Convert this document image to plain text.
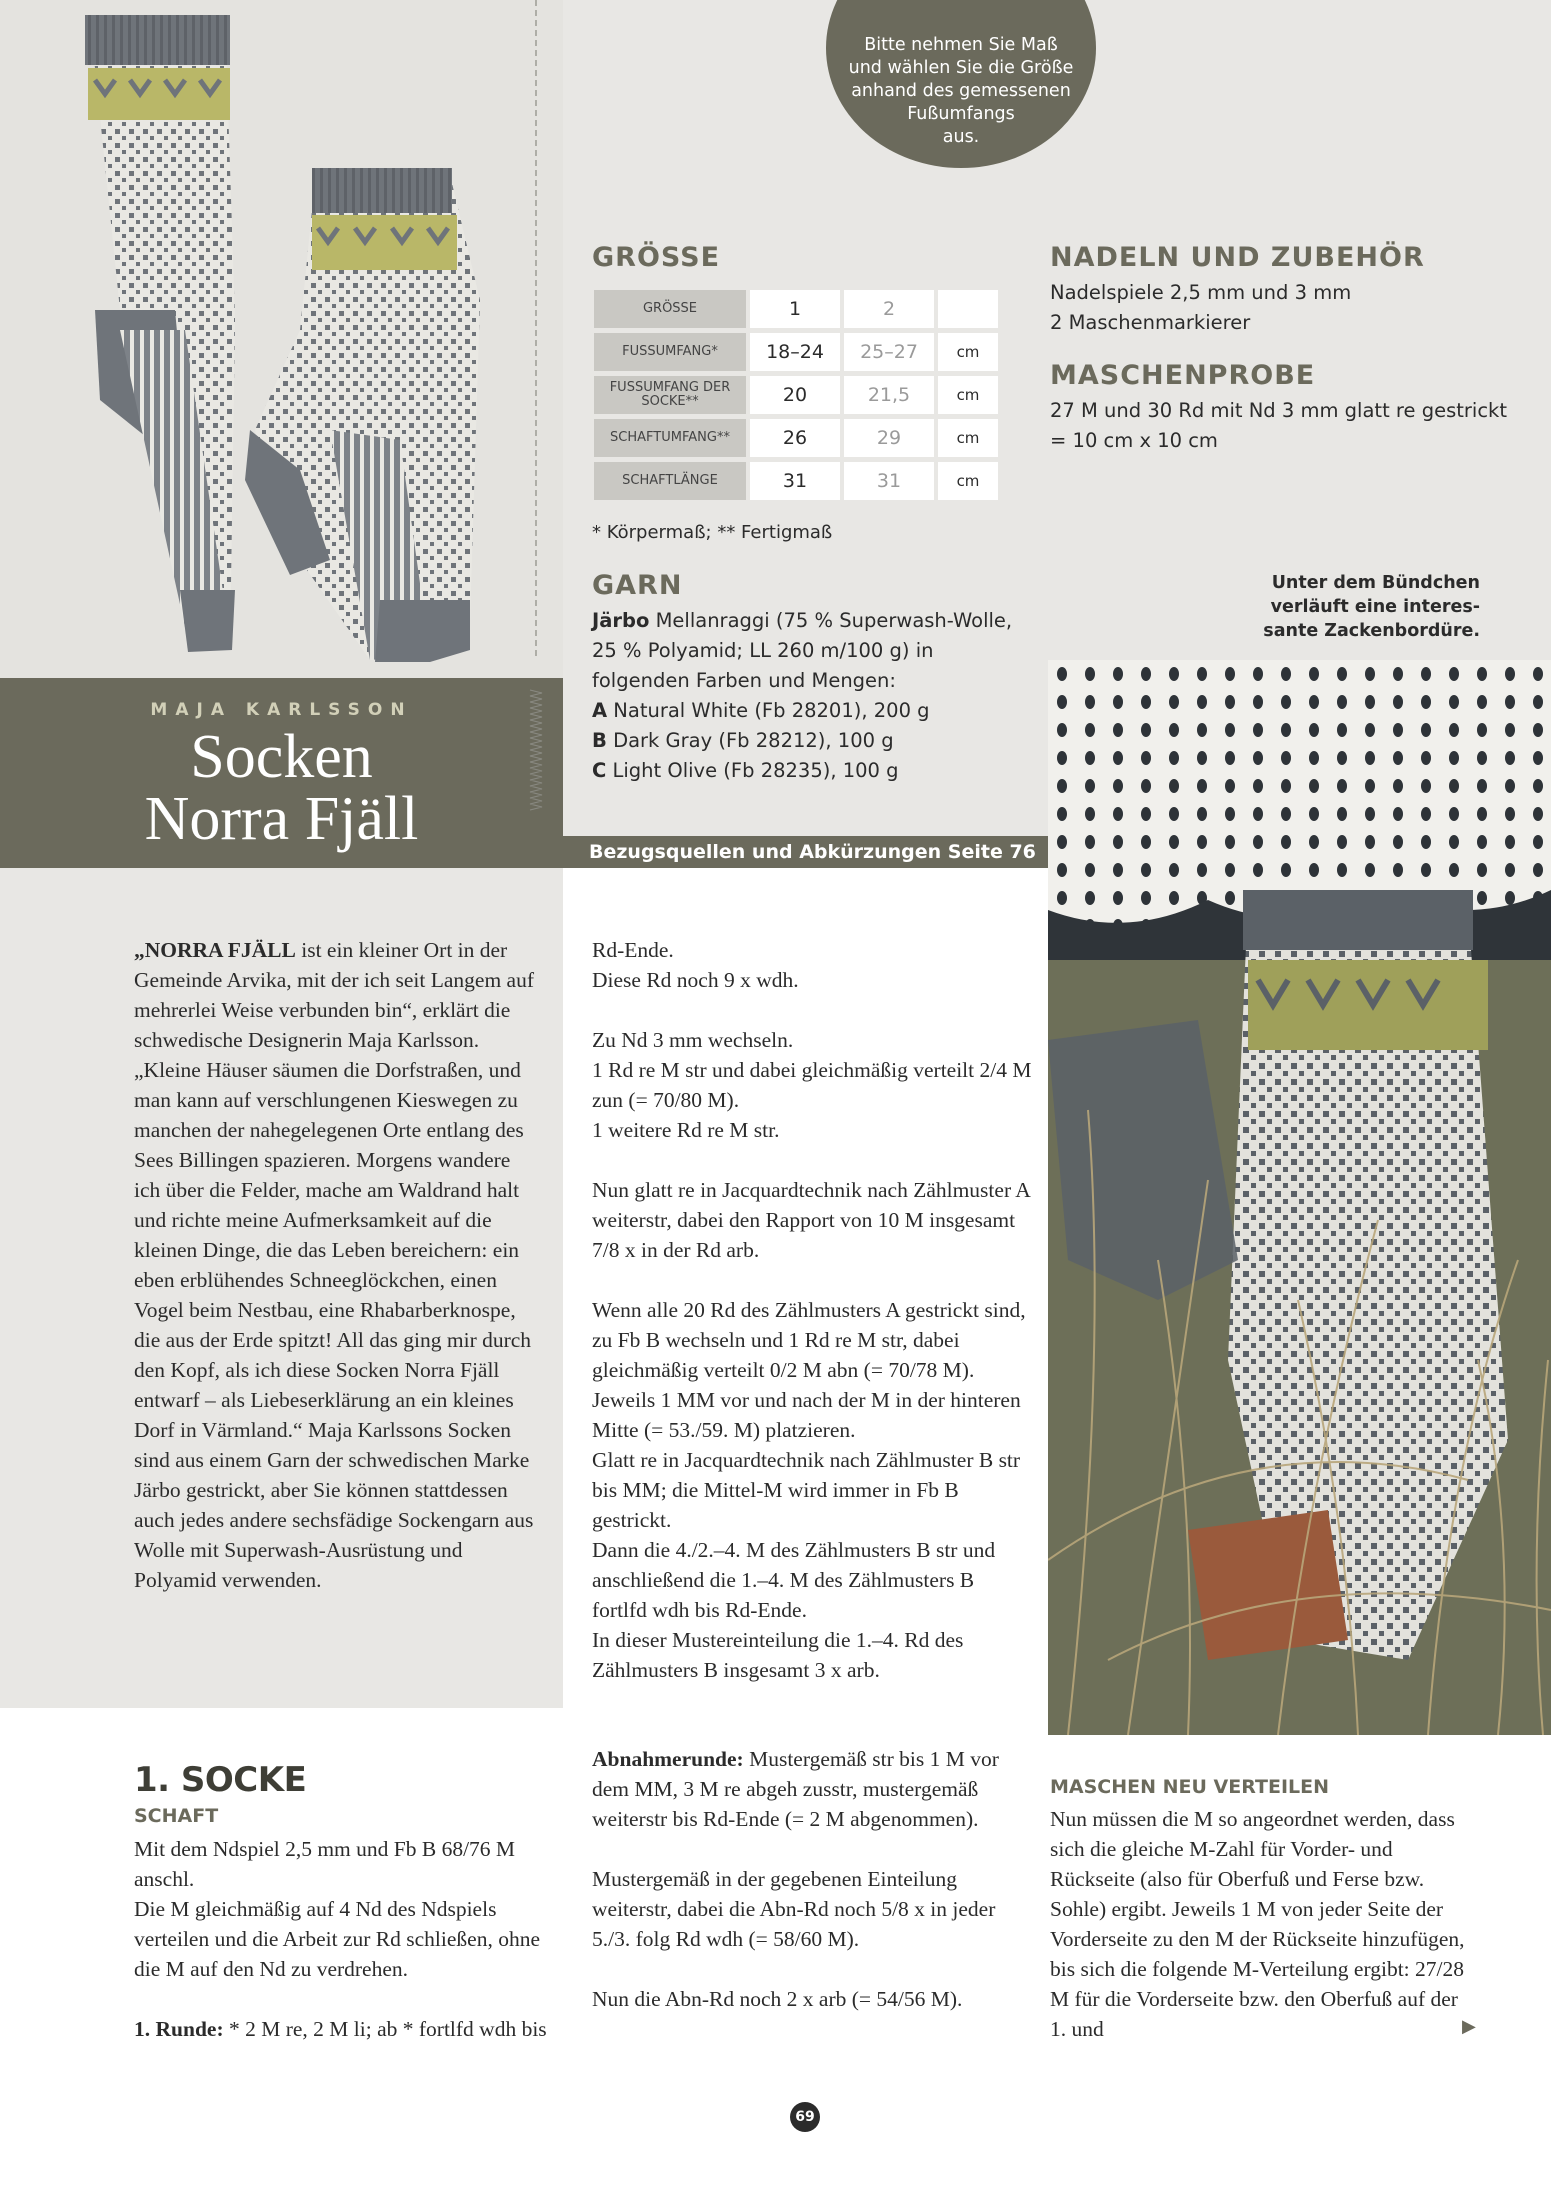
MAJA KARLSSON
Socken
Norra Fjäll
Bitte nehmen Sie Maß
und wählen Sie die Größe
anhand des gemessenen
Fußumfangs
aus.
GRÖSSE
GRÖSSE	1	2	
FUSSUMFANG*	18–24	25–27	cm
FUSSUMFANG DER SOCKE**	20	21,5	cm
SCHAFTUMFANG**	26	29	cm
SCHAFTLÄNGE	31	31	cm
* Körpermaß; ** Fertigmaß
GARN
Järbo Mellanraggi (75 % Superwash-Wolle, 25 % Polyamid; LL 260 m/100 g) in folgenden Farben und Mengen:
A Natural White (Fb 28201), 200 g
B Dark Gray (Fb 28212), 100 g
C Light Olive (Fb 28235), 100 g
Bezugsquellen und Abkürzungen Seite 76
NADELN UND ZUBEHÖR
Nadelspiele 2,5 mm und 3 mm
2 Maschenmarkierer
MASCHENPROBE
27 M und 30 Rd mit Nd 3 mm glatt re gestrickt
= 10 cm x 10 cm
Unter dem Bündchen
verläuft eine interes-
sante Zackenbordüre.
„NORRA FJÄLL ist ein kleiner Ort in der Gemeinde Arvika, mit der ich seit Langem auf mehrerlei Weise verbunden bin“, erklärt die schwedische Designerin Maja Karlsson. „Kleine Häuser säumen die Dorfstraßen, und man kann auf verschlungenen Kieswegen zu manchen der nahegelegenen Orte entlang des Sees Billingen spazieren. Morgens wandere ich über die Felder, mache am Waldrand halt und richte meine Aufmerksamkeit auf die kleinen Dinge, die das Leben bereichern: ein eben erblühendes Schneeglöckchen, einen Vogel beim Nestbau, eine Rhabarberknospe, die aus der Erde spitzt! All das ging mir durch den Kopf, als ich diese Socken Norra Fjäll entwarf – als Liebeserklärung an ein kleines Dorf in Värmland.“ Maja Karlssons Socken sind aus einem Garn der schwedischen Marke Järbo gestrickt, aber Sie können stattdessen auch jedes andere sechsfädige Sockengarn aus Wolle mit Superwash-Ausrüstung und Polyamid verwenden.
Rd-Ende.
Diese Rd noch 9 x wdh.

Zu Nd 3 mm wechseln.
1 Rd re M str und dabei gleichmäßig verteilt 2/4 M zun (= 70/80 M).
1 weitere Rd re M str.

Nun glatt re in Jacquardtechnik nach Zählmuster A weiterstr, dabei den Rapport von 10 M insgesamt 7/8 x in der Rd arb.

Wenn alle 20 Rd des Zählmusters A gestrickt sind, zu Fb B wechseln und 1 Rd re M str, dabei gleichmäßig verteilt 0/2 M abn (= 70/78 M).
Jeweils 1 MM vor und nach der M in der hinteren Mitte (= 53./59. M) platzieren.
Glatt re in Jacquardtechnik nach Zählmuster B str bis MM; die Mittel-M wird immer in Fb B gestrickt.
Dann die 4./2.–4. M des Zählmusters B str und anschließend die 1.–4. M des Zählmusters B fortlfd wdh bis Rd-Ende.
In dieser Mustereinteilung die 1.–4. Rd des Zählmusters B insgesamt 3 x arb.
Abnahmerunde: Mustergemäß str bis 1 M vor dem MM, 3 M re abgeh zusstr, mustergemäß weiterstr bis Rd-Ende (= 2 M abgenommen).

Mustergemäß in der gegebenen Einteilung weiterstr, dabei die Abn-Rd noch 5/8 x in jeder 5./3. folg Rd wdh (= 58/60 M).

Nun die Abn-Rd noch 2 x arb (= 54/56 M).
1. SOCKE
SCHAFT
Mit dem Ndspiel 2,5 mm und Fb B 68/76 M anschl.
Die M gleichmäßig auf 4 Nd des Ndspiels verteilen und die Arbeit zur Rd schließen, ohne die M auf den Nd zu verdrehen.

1. Runde: * 2 M re, 2 M li; ab * fortlfd wdh bis
MASCHEN NEU VERTEILEN
Nun müssen die M so angeordnet werden, dass sich die gleiche M-Zahl für Vorder- und Rückseite (also für Oberfuß und Ferse bzw. Sohle) ergibt. Jeweils 1 M von jeder Seite der Vorderseite zu den M der Rückseite hinzufügen, bis sich die folgende M-Verteilung ergibt: 27/28 M für die Vorderseite bzw. den Oberfuß auf der 1. und	▶
69
